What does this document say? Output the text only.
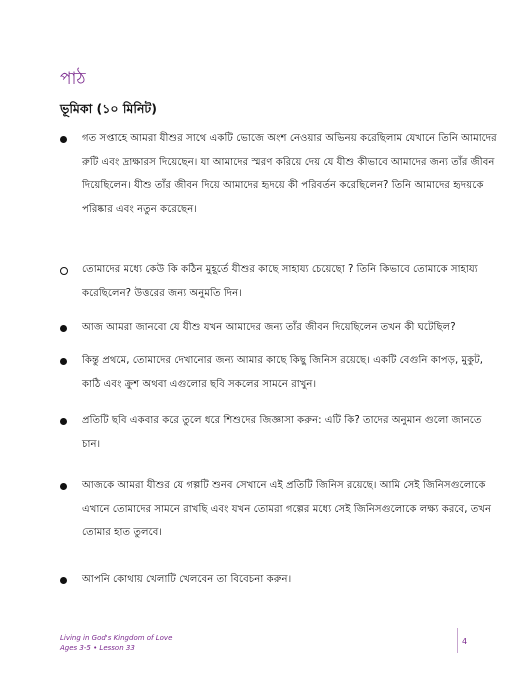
পাঠ
ভূমিকা (১০ মিনিট)
গত সপ্তাহে আমরা যীশুর সাথে একটি ভোজে অংশ নেওয়ার অভিনয় করেছিলাম যেখানে তিনি আমাদের রুটি এবং দ্রাক্ষারস দিয়েছেন। যা আমাদের স্মরণ করিয়ে দেয় যে যীশু কীভাবে আমাদের জন্য তাঁর জীবন দিয়েছিলেন। যীশু তাঁর জীবন দিয়ে আমাদের হৃদয়ে কী পরিবর্তন করেছিলেন? তিনি আমাদের হৃদয়কে পরিষ্কার এবং নতুন করেছেন।
তোমাদের মধ্যে কেউ কি কঠিন মুহূর্তে যীশুর কাছে সাহায্য চেয়েছো ? তিনি কিভাবে তোমাকে সাহায্য করেছিলেন? উত্তরের জন্য অনুমতি দিন।
আজ আমরা জানবো যে যীশু যখন আমাদের জন্য তাঁর জীবন দিয়েছিলেন তখন কী ঘটেছিল?
কিন্তু প্রথমে, তোমাদের দেখানোর জন্য আমার কাছে কিছু জিনিস রয়েছে। একটি বেগুনি কাপড়, মুকুট, কাঠি এবং ক্রুশ অথবা এগুলোর ছবি সকলের সামনে রাখুন।
প্রতিটি ছবি একবার করে তুলে ধরে শিশুদের জিজ্ঞাসা করুন: এটি কি? তাদের অনুমান গুলো জানতে চান।
আজকে আমরা যীশুর যে গল্পটি শুনব সেখানে এই প্রতিটি জিনিস রয়েছে। আমি সেই জিনিসগুলোকে এখানে তোমাদের সামনে রাখছি এবং যখন তোমরা গল্পের মধ্যে সেই জিনিসগুলোকে লক্ষ্য করবে, তখন তোমার হাত তুলবে।
আপনি কোথায় খেলাটি খেলবেন তা বিবেচনা করুন।
Living in God's Kingdom of Love
Ages 3-5 • Lesson 33
4
